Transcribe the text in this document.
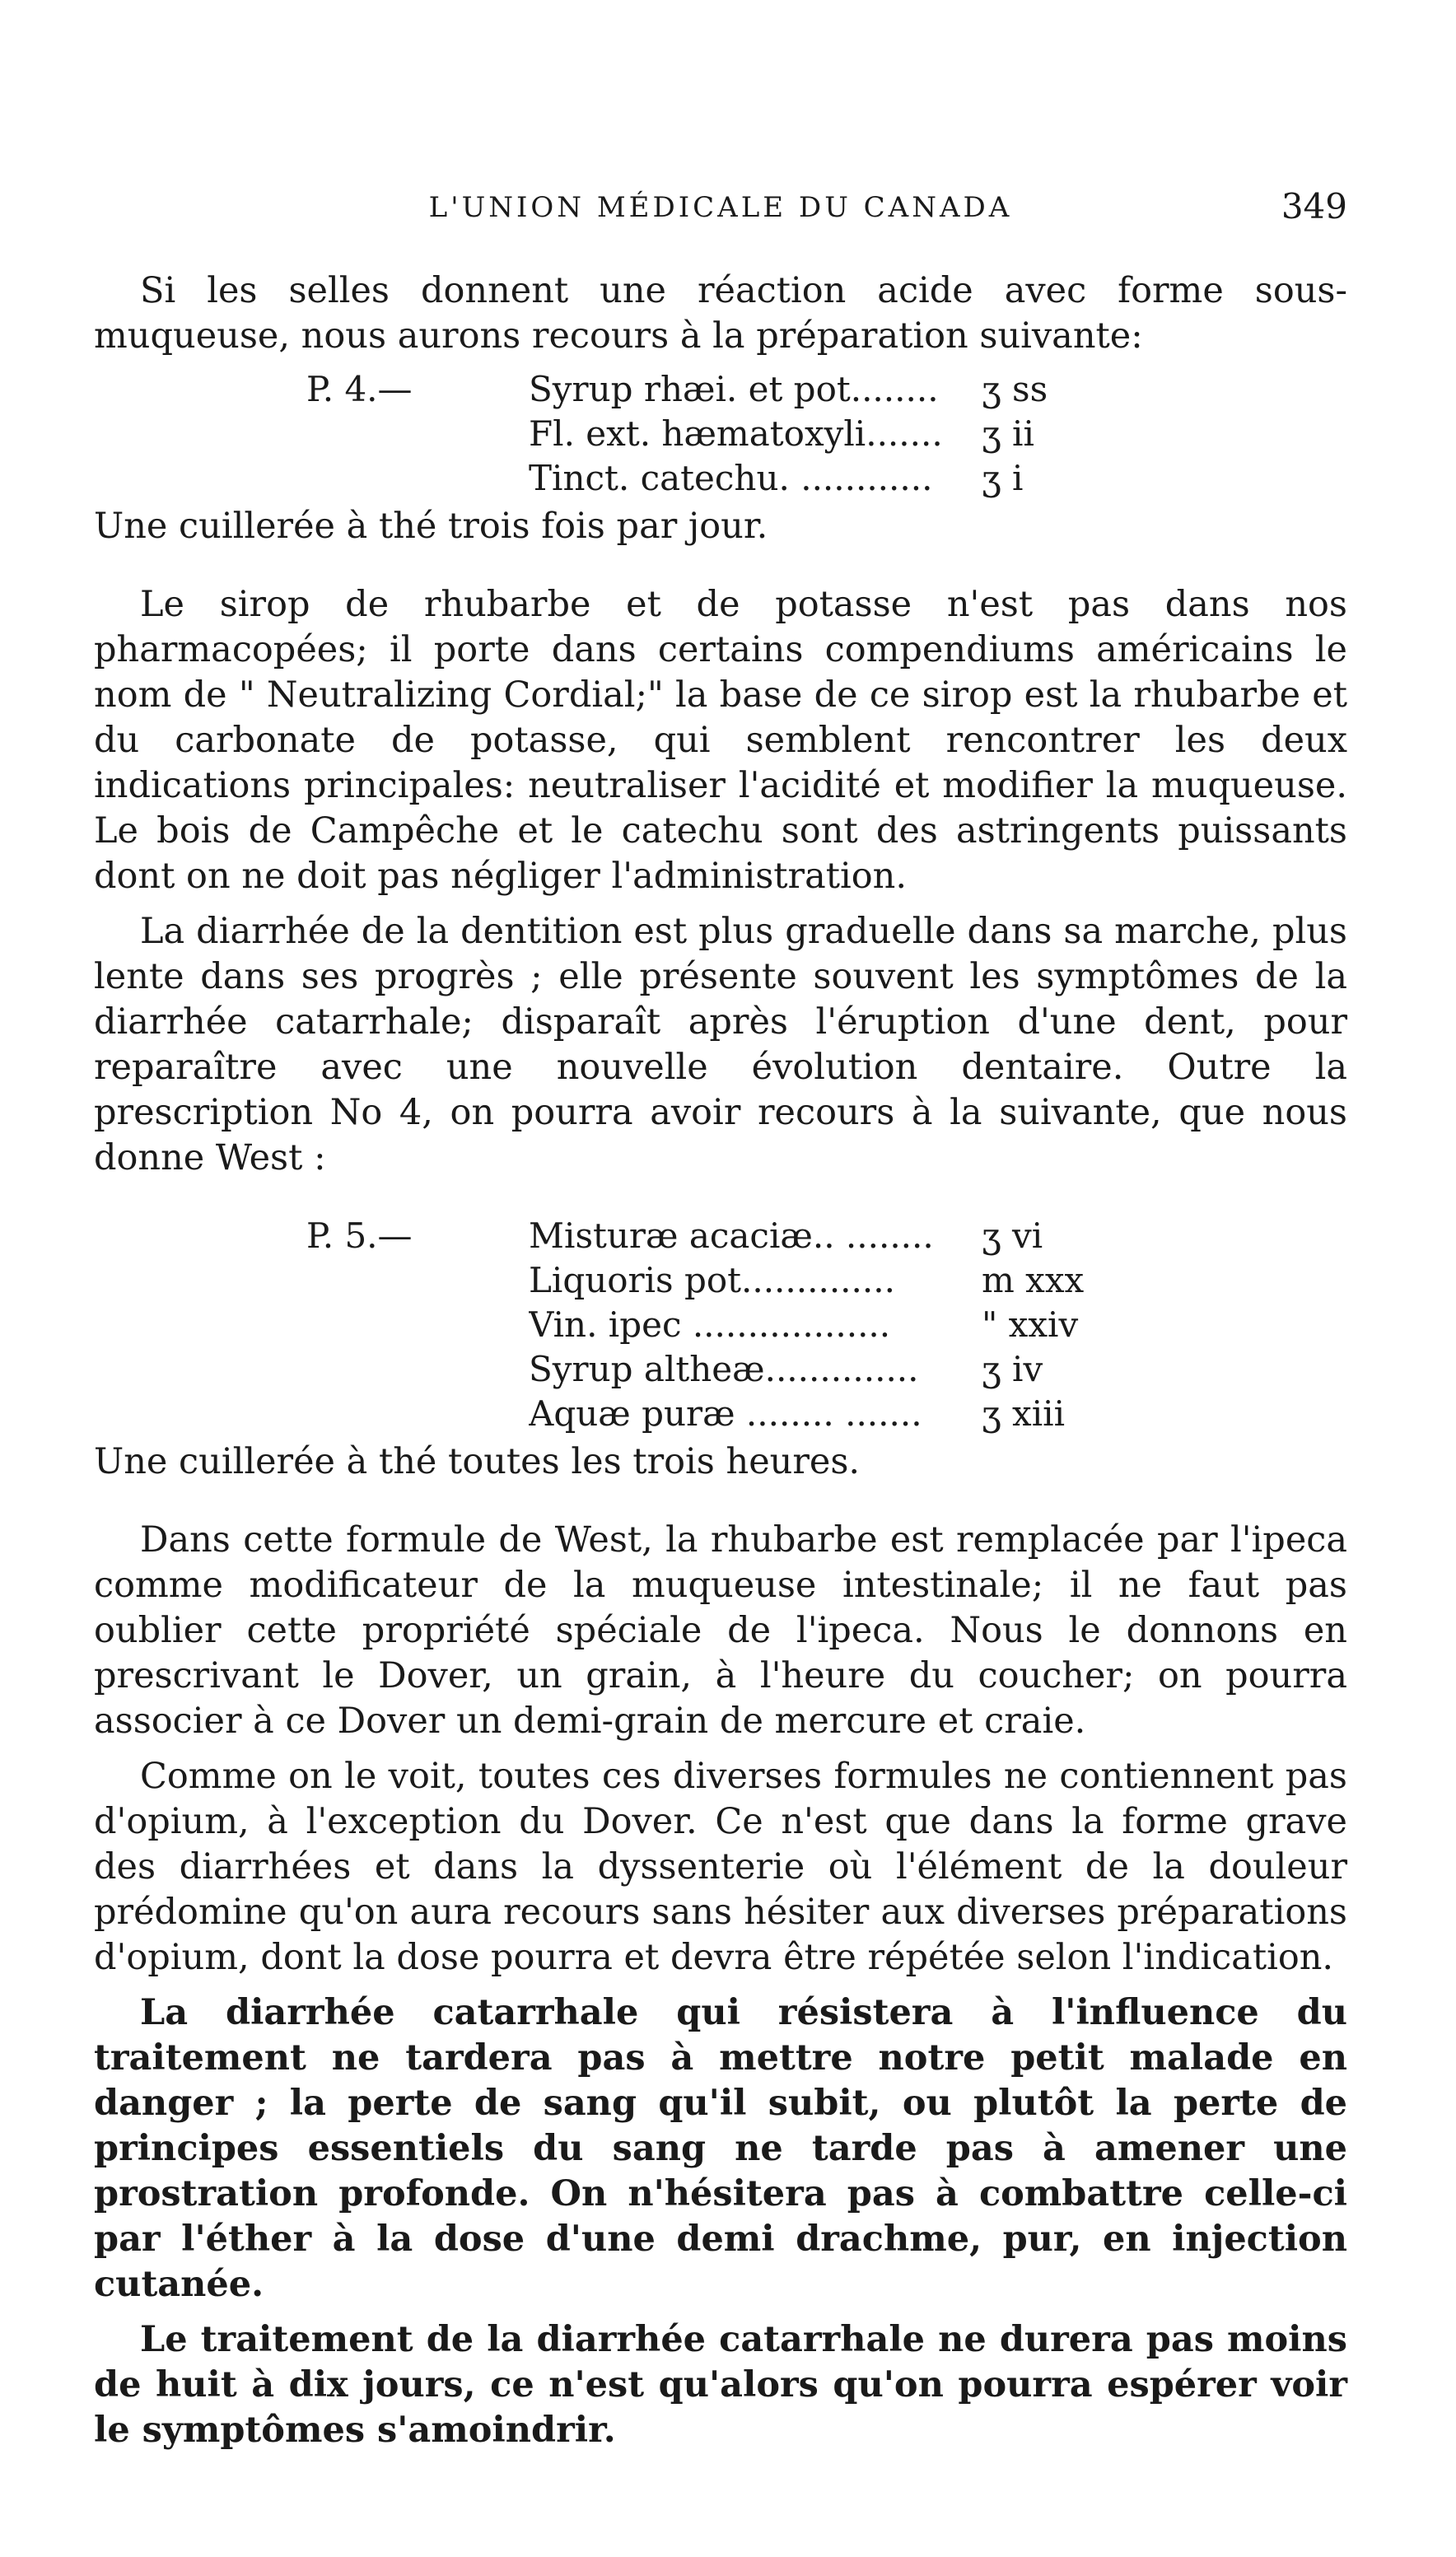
L'UNION MÉDICALE DU CANADA	349

Si les selles donnent une réaction acide avec forme sous-muqueuse, nous aurons recours à la préparation suivante:

P. 4.—	Syrup rhæi. et pot........	ʒ ss
Fl. ext. hæmatoxyli.......	ʒ ii
Tinct. catechu. ............	ʒ i

Une cuillerée à thé trois fois par jour.

Le sirop de rhubarbe et de potasse n'est pas dans nos pharmacopées; il porte dans certains compendiums américains le nom de " Neutralizing Cordial;" la base de ce sirop est la rhubarbe et du carbonate de potasse, qui semblent rencontrer les deux indications principales: neutraliser l'acidité et modifier la muqueuse. Le bois de Campêche et le catechu sont des astringents puissants dont on ne doit pas négliger l'administration.

La diarrhée de la dentition est plus graduelle dans sa marche, plus lente dans ses progrès ; elle présente souvent les symptômes de la diarrhée catarrhale; disparaît après l'éruption d'une dent, pour reparaître avec une nouvelle évolution dentaire. Outre la prescription No 4, on pourra avoir recours à la suivante, que nous donne West :

P. 5.—	Misturæ acaciæ.. ........	ʒ vi
Liquoris pot..............	m xxx
Vin. ipec ..................	" xxiv
Syrup altheæ..............	ʒ iv
Aquæ puræ ........ .......	ʒ xiii

Une cuillerée à thé toutes les trois heures.

Dans cette formule de West, la rhubarbe est remplacée par l'ipeca comme modificateur de la muqueuse intestinale; il ne faut pas oublier cette propriété spéciale de l'ipeca. Nous le donnons en prescrivant le Dover, un grain, à l'heure du coucher; on pourra associer à ce Dover un demi-grain de mercure et craie.

Comme on le voit, toutes ces diverses formules ne contiennent pas d'opium, à l'exception du Dover. Ce n'est que dans la forme grave des diarrhées et dans la dyssenterie où l'élément de la douleur prédomine qu'on aura recours sans hésiter aux diverses préparations d'opium, dont la dose pourra et devra être répétée selon l'indication.

La diarrhée catarrhale qui résistera à l'influence du traitement ne tardera pas à mettre notre petit malade en danger ; la perte de sang qu'il subit, ou plutôt la perte de principes essentiels du sang ne tarde pas à amener une prostration profonde. On n'hésitera pas à combattre celle-ci par l'éther à la dose d'une demi drachme, pur, en injection cutanée.

Le traitement de la diarrhée catarrhale ne durera pas moins de huit à dix jours, ce n'est qu'alors qu'on pourra espérer voir le symptômes s'amoindrir.
